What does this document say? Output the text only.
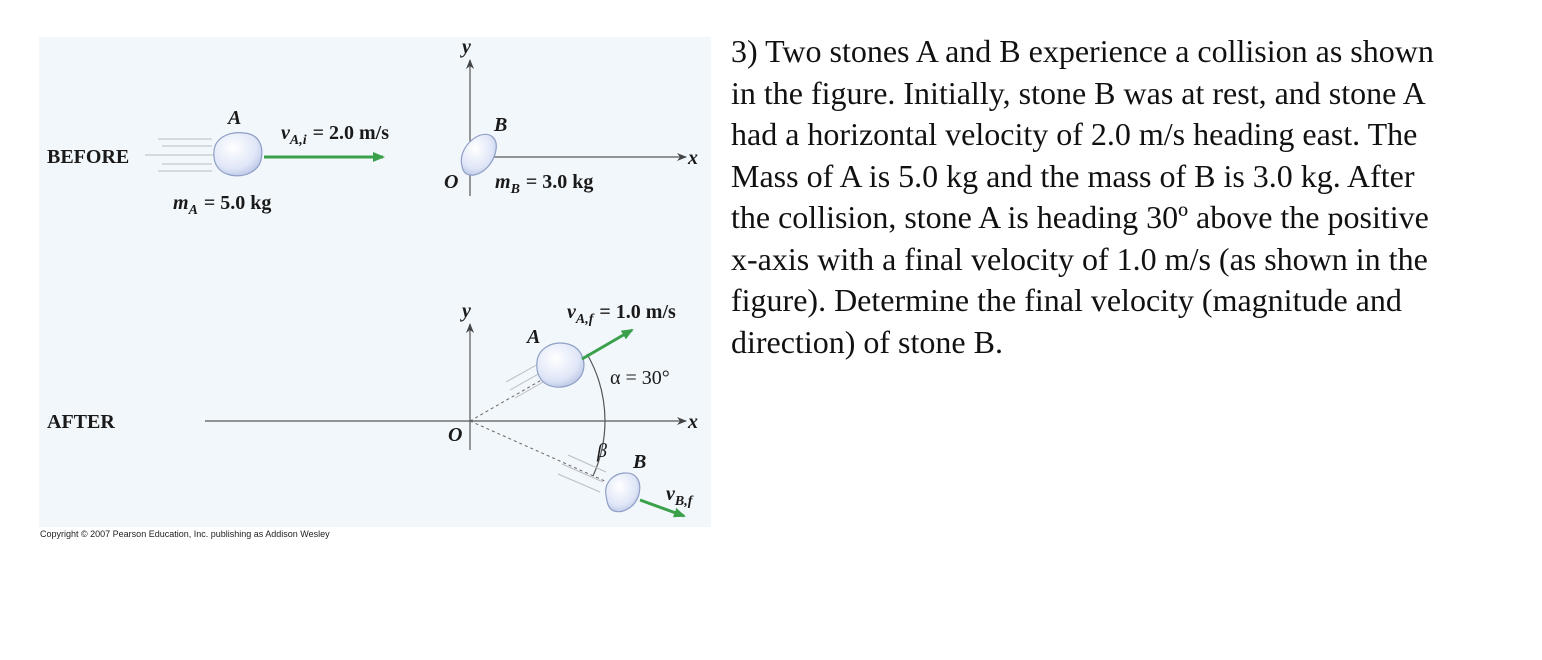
BEFORE
A
$v_{A,i} = 2.0$ m/s
$m_A = 5.0$ kg
y
x
O
B
$m_B = 3.0$ kg
AFTER
y
x
O
A
$v_{A,f} = 1.0$ m/s
α = 30°
β B
$v_{B,f}$
Copyright © 2007 Pearson Education, Inc. publishing as Addison Wesley

3) Two stones A and B experience a collision as shown in the figure. Initially, stone B was at rest, and stone A had a horizontal velocity of 2.0 m/s heading east. The Mass of A is 5.0 kg and the mass of B is 3.0 kg. After the collision, stone A is heading 30º above the positive x-axis with a final velocity of 1.0 m/s (as shown in the figure). Determine the final velocity (magnitude and direction) of stone B.
